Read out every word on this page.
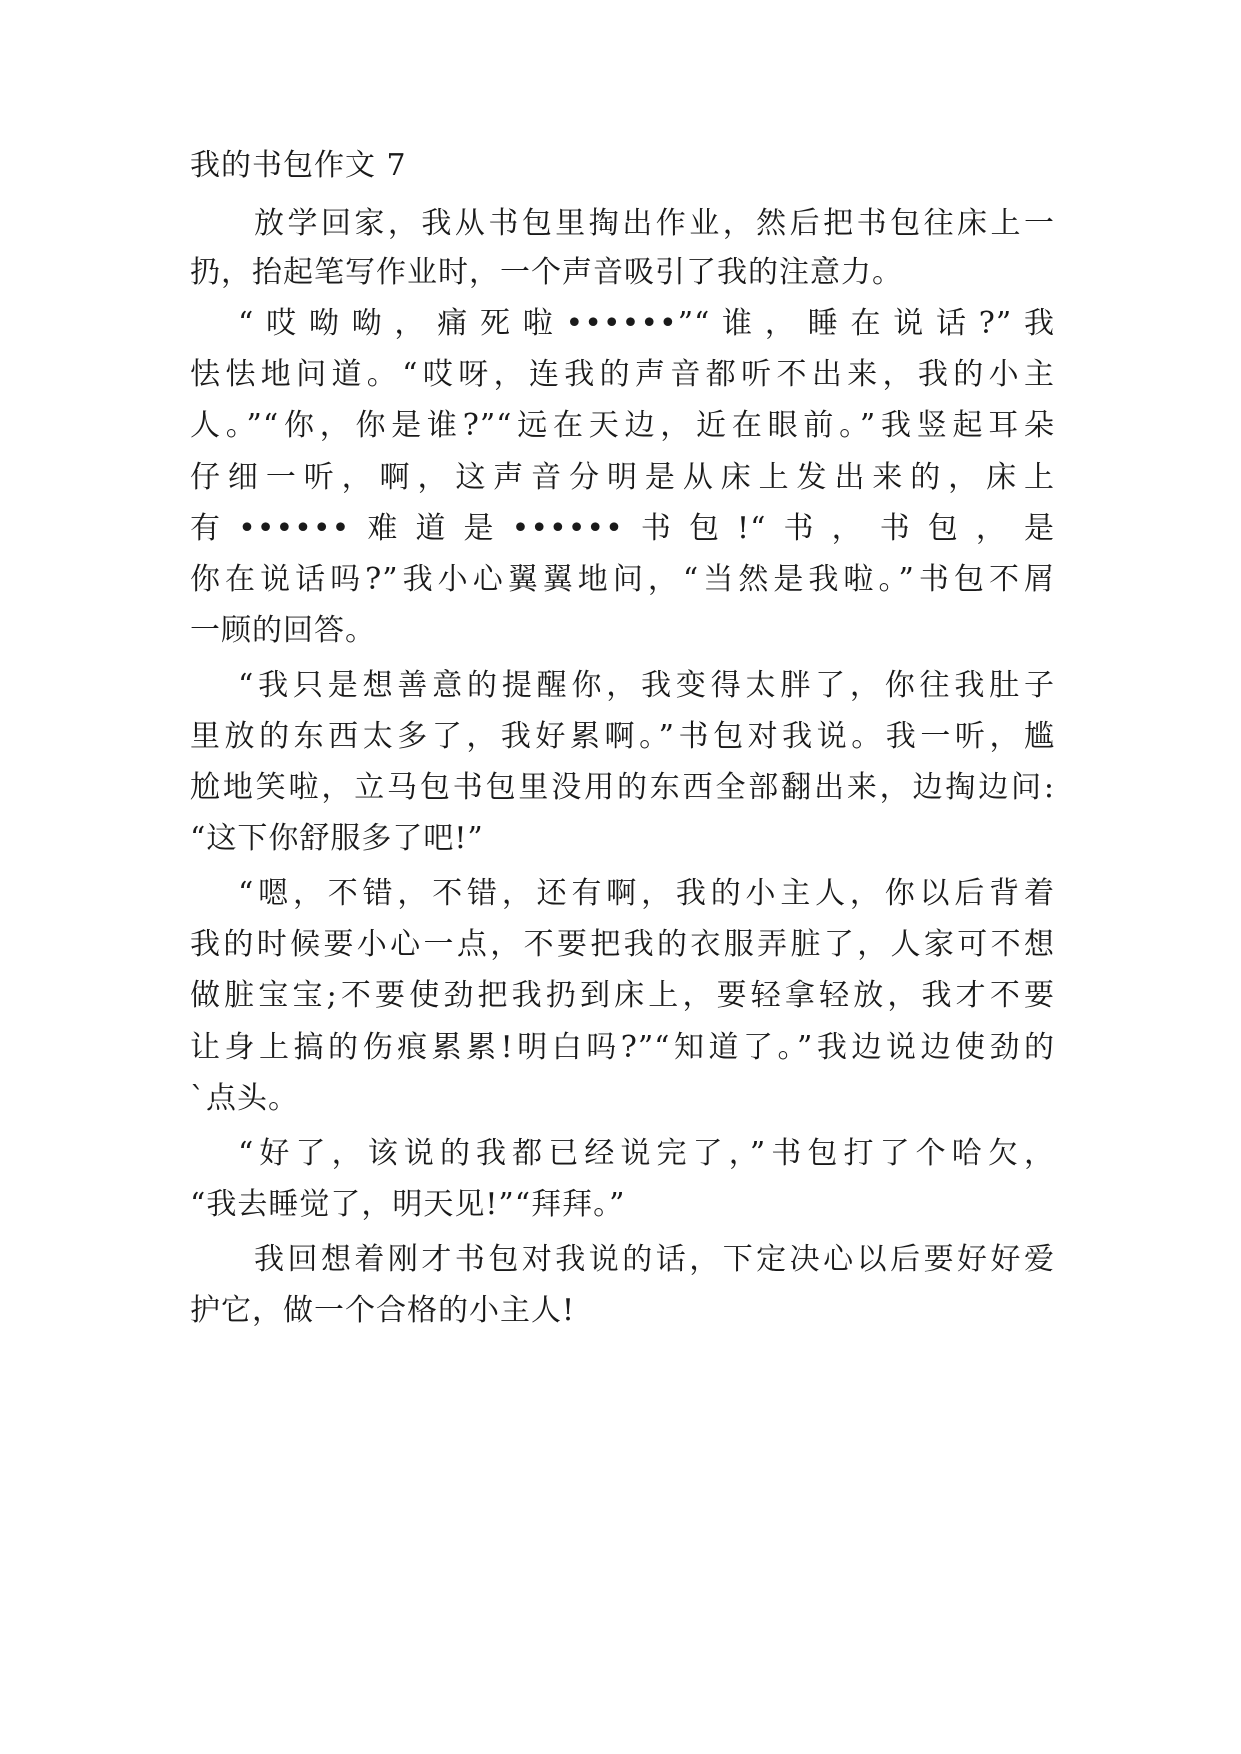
我的书包作文 7
放学回家，我从书包里掏出作业，然后把书包往床上一
扔，抬起笔写作业时，一个声音吸引了我的注意力。
“哎呦呦，痛死啦••••••”“谁，睡在说话?”我
怯怯地问道。“哎呀，连我的声音都听不出来，我的小主
人。”“你，你是谁?”“远在天边，近在眼前。”我竖起耳朵
仔细一听，啊，这声音分明是从床上发出来的，床上
有••••••难道是••••••书包!“书，书包，是
你在说话吗?”我小心翼翼地问，“当然是我啦。”书包不屑
一顾的回答。
“我只是想善意的提醒你，我变得太胖了，你往我肚子
里放的东西太多了，我好累啊。”书包对我说。我一听，尴
尬地笑啦，立马包书包里没用的东西全部翻出来，边掏边问:
“这下你舒服多了吧!”
“嗯，不错，不错，还有啊，我的小主人，你以后背着
我的时候要小心一点，不要把我的衣服弄脏了，人家可不想
做脏宝宝;不要使劲把我扔到床上，要轻拿轻放，我才不要
让身上搞的伤痕累累!明白吗?”“知道了。”我边说边使劲的
`点头。
“好了，该说的我都已经说完了，”书包打了个哈欠，
“我去睡觉了，明天见!”“拜拜。”
我回想着刚才书包对我说的话，下定决心以后要好好爱
护它，做一个合格的小主人!
